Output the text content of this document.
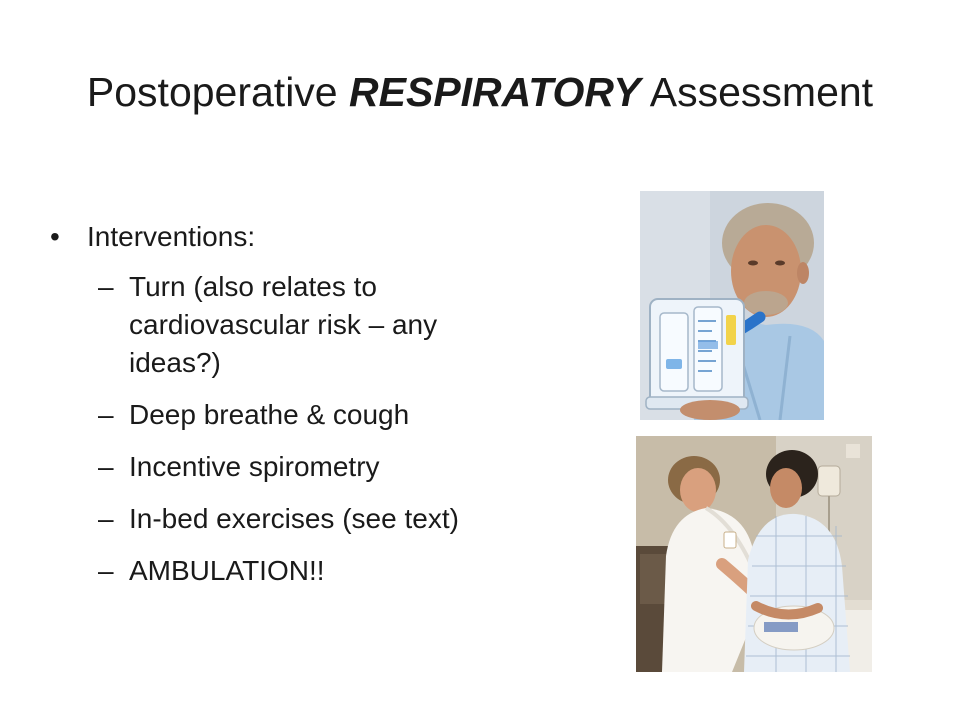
Postoperative RESPIRATORY Assessment
• Interventions:
– Turn (also relates to cardiovascular risk – any ideas?)
– Deep breathe & cough
– Incentive spirometry
– In-bed exercises (see text)
– AMBULATION!!
